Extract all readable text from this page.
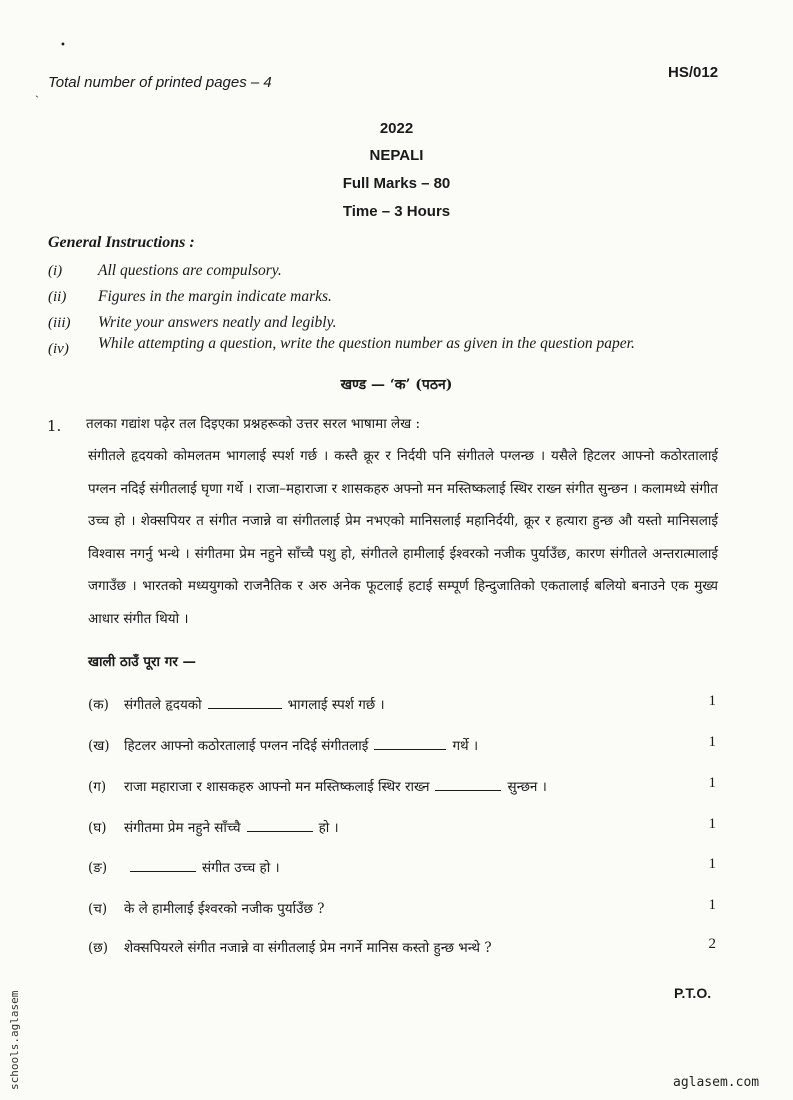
•
ˎ Total number of printed pages – 4
HS/012
2022
NEPALI
Full Marks – 80
Time – 3 Hours
General Instructions :
(i) All questions are compulsory.
(ii) Figures in the margin indicate marks.
(iii) Write your answers neatly and legibly.
(iv) While attempting a question, write the question number as given in the question paper.
खण्ड — ‘क’ (पठन)
1. तलका गद्यांश पढ़ेर तल दिइएका प्रश्नहरूको उत्तर सरल भाषामा लेख :
संगीतले हृदयको कोमलतम भागलाई स्पर्श गर्छ । कस्तै क्रूर र निर्दयी पनि संगीतले पग्लन्छ । यसैले हिटलर आफ्नो कठोरतालाई पग्लन नदिई संगीतलाई घृणा गर्थे । राजा–महाराजा र शासकहरु अफ्नो मन मस्तिष्कलाई स्थिर राख्न संगीत सुन्छन । कलामध्ये संगीत उच्च हो । शेक्सपियर त संगीत नजान्ने वा संगीतलाई प्रेम नभएको मानिसलाई महानिर्दयी, क्रूर र हत्यारा हुन्छ औ यस्तो मानिसलाई विश्वास नगर्नु भन्थे । संगीतमा प्रेम नहुने साँच्चै पशु हो, संगीतले हामीलाई ईश्वरको नजीक पुर्याउँछ, कारण संगीतले अन्तरात्मालाई जगाउँछ । भारतको मध्ययुगको राजनैतिक र अरु अनेक फूटलाई हटाई सम्पूर्ण हिन्दुजातिको एकतालाई बलियो बनाउने एक मुख्य आधार संगीत थियो ।
खाली ठाउँ पूरा गर —
(क) संगीतले हृदयको	भागलाई स्पर्श गर्छ ।	1
(ख) हिटलर आफ्नो कठोरतालाई पग्लन नदिई संगीतलाई	गर्थे ।	1
(ग) राजा महाराजा र शासकहरु आफ्नो मन मस्तिष्कलाई स्थिर राख्न	सुन्छन ।	1
(घ) संगीतमा प्रेम नहुने साँच्चै	हो ।	1
(ङ)	संगीत उच्च हो ।	1
(च) के ले हामीलाई ईश्वरको नजीक पुर्याउँछ ?	1
(छ) शेक्सपियरले संगीत नजान्ने वा संगीतलाई प्रेम नगर्ने मानिस कस्तो हुन्छ भन्थे ?	2
P.T.O.
schools.aglasem	aglasem.com
